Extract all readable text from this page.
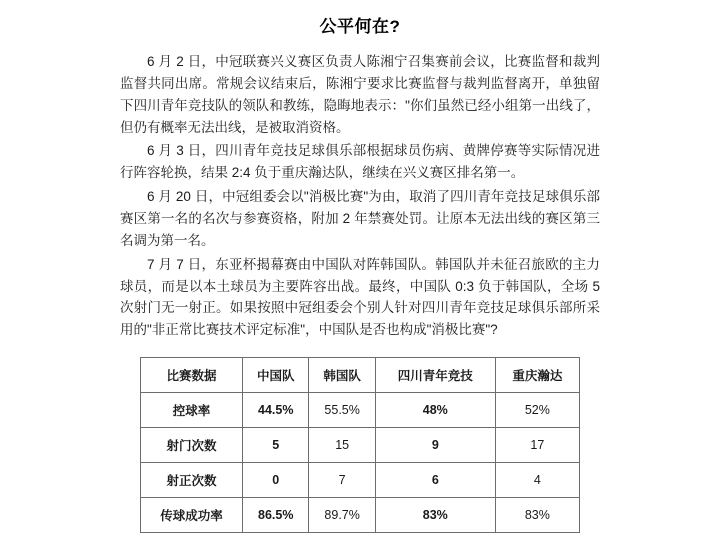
公平何在?

6 月 2 日，中冠联赛兴义赛区负责人陈湘宁召集赛前会议，比赛监督和裁判监督共同出席。常规会议结束后，陈湘宁要求比赛监督与裁判监督离开，单独留下四川青年竞技队的领队和教练，隐晦地表示："你们虽然已经小组第一出线了，但仍有概率无法出线，是被取消资格。

6 月 3 日，四川青年竞技足球俱乐部根据球员伤病、黄牌停赛等实际情况进行阵容轮换，结果 2:4 负于重庆瀚达队，继续在兴义赛区排名第一。

6 月 20 日，中冠组委会以"消极比赛"为由，取消了四川青年竞技足球俱乐部赛区第一名的名次与参赛资格，附加 2 年禁赛处罚。让原本无法出线的赛区第三名调为第一名。

7 月 7 日，东亚杯揭幕赛由中国队对阵韩国队。韩国队并未征召旅欧的主力球员，而是以本土球员为主要阵容出战。最终，中国队 0:3 负于韩国队，全场 5 次射门无一射正。如果按照中冠组委会个别人针对四川青年竞技足球俱乐部所采用的"非正常比赛技术评定标准"，中国队是否也构成"消极比赛"?

比赛数据	中国队	韩国队	四川青年竞技	重庆瀚达
控球率	44.5%	55.5%	48%	52%
射门次数	5	15	9	17
射正次数	0	7	6	4
传球成功率	86.5%	89.7%	83%	83%
